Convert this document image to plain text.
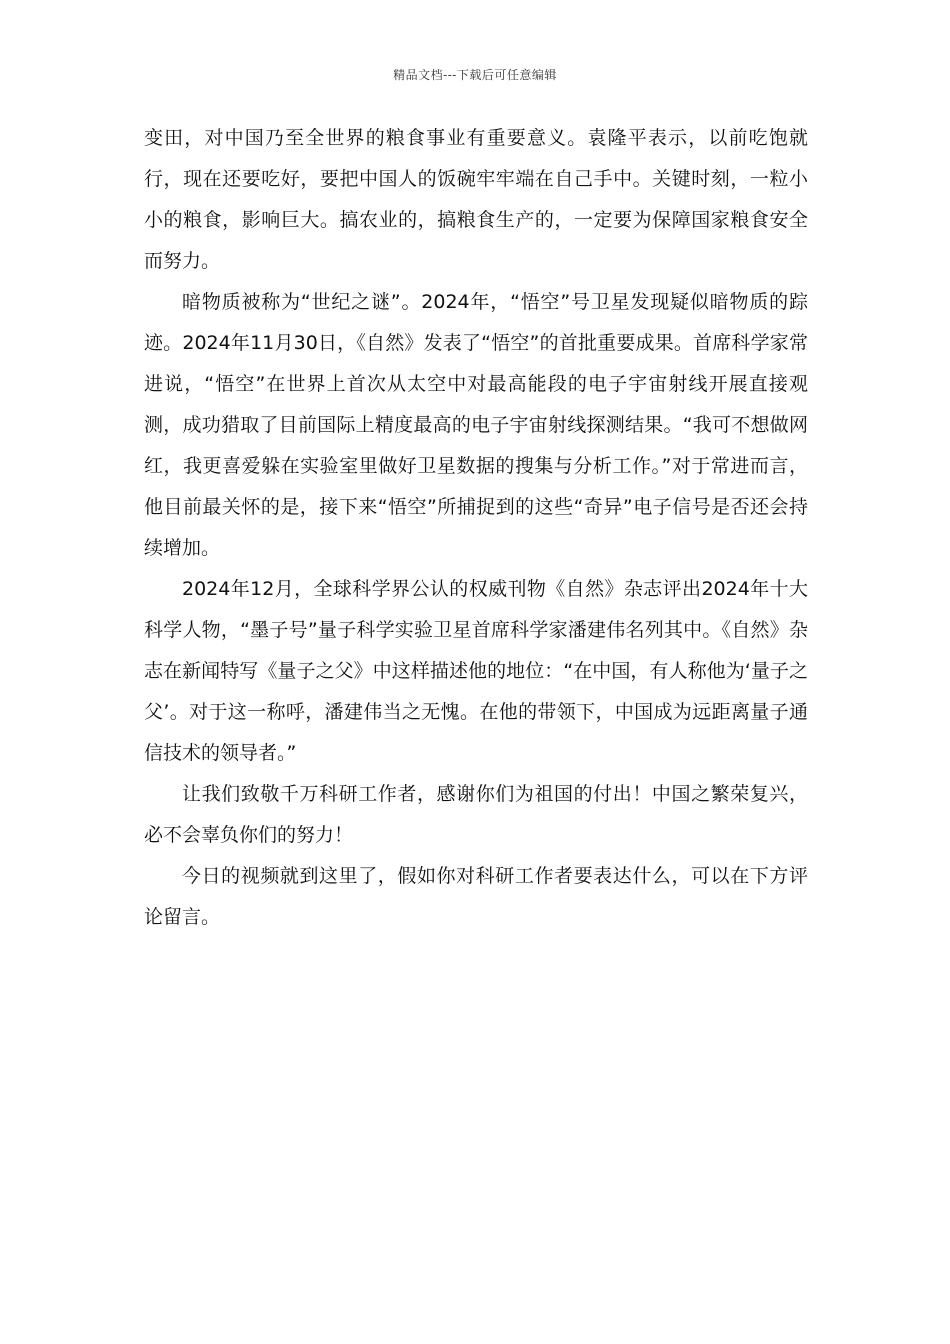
精品文档---下载后可任意编辑

变田，对中国乃至全世界的粮食事业有重要意义。袁隆平表示，以前吃饱就行，现在还要吃好，要把中国人的饭碗牢牢端在自己手中。关键时刻，一粒小小的粮食，影响巨大。搞农业的，搞粮食生产的，一定要为保障国家粮食安全而努力。

暗物质被称为“世纪之谜”。2024年，“悟空”号卫星发现疑似暗物质的踪迹。2024年11月30日，《自然》发表了“悟空”的首批重要成果。首席科学家常进说，“悟空”在世界上首次从太空中对最高能段的电子宇宙射线开展直接观测，成功猎取了目前国际上精度最高的电子宇宙射线探测结果。“我可不想做网红，我更喜爱躲在实验室里做好卫星数据的搜集与分析工作。”对于常进而言，他目前最关怀的是，接下来“悟空”所捕捉到的这些“奇异”电子信号是否还会持续增加。

2024年12月，全球科学界公认的权威刊物《自然》杂志评出2024年十大科学人物，“墨子号”量子科学实验卫星首席科学家潘建伟名列其中。《自然》杂志在新闻特写《量子之父》中这样描述他的地位：“在中国，有人称他为‘量子之父’。对于这一称呼，潘建伟当之无愧。在他的带领下，中国成为远距离量子通信技术的领导者。”

让我们致敬千万科研工作者，感谢你们为祖国的付出！中国之繁荣复兴，必不会辜负你们的努力！

今日的视频就到这里了，假如你对科研工作者要表达什么，可以在下方评论留言。
